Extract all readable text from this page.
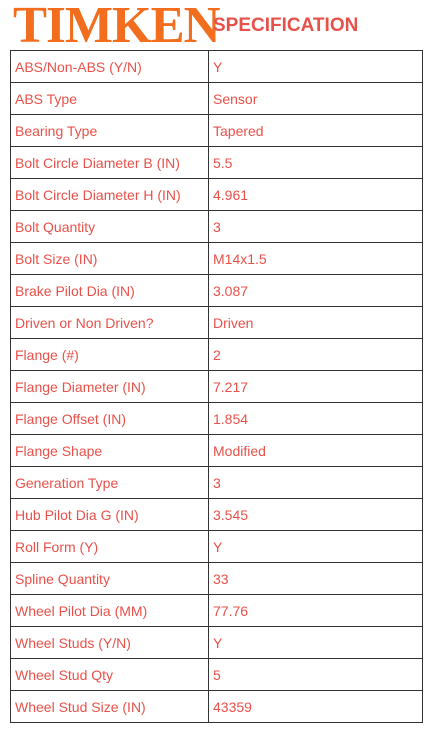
TIMKEN
SPECIFICATION
ABS/Non-ABS (Y/N)	Y
ABS Type	Sensor
Bearing Type	Tapered
Bolt Circle Diameter B (IN)	5.5
Bolt Circle Diameter H (IN)	4.961
Bolt Quantity	3
Bolt Size (IN)	M14x1.5
Brake Pilot Dia (IN)	3.087
Driven or Non Driven?	Driven
Flange (#)	2
Flange Diameter (IN)	7.217
Flange Offset (IN)	1.854
Flange Shape	Modified
Generation Type	3
Hub Pilot Dia G (IN)	3.545
Roll Form (Y)	Y
Spline Quantity	33
Wheel Pilot Dia (MM)	77.76
Wheel Studs (Y/N)	Y
Wheel Stud Qty	5
Wheel Stud Size (IN)	43359
